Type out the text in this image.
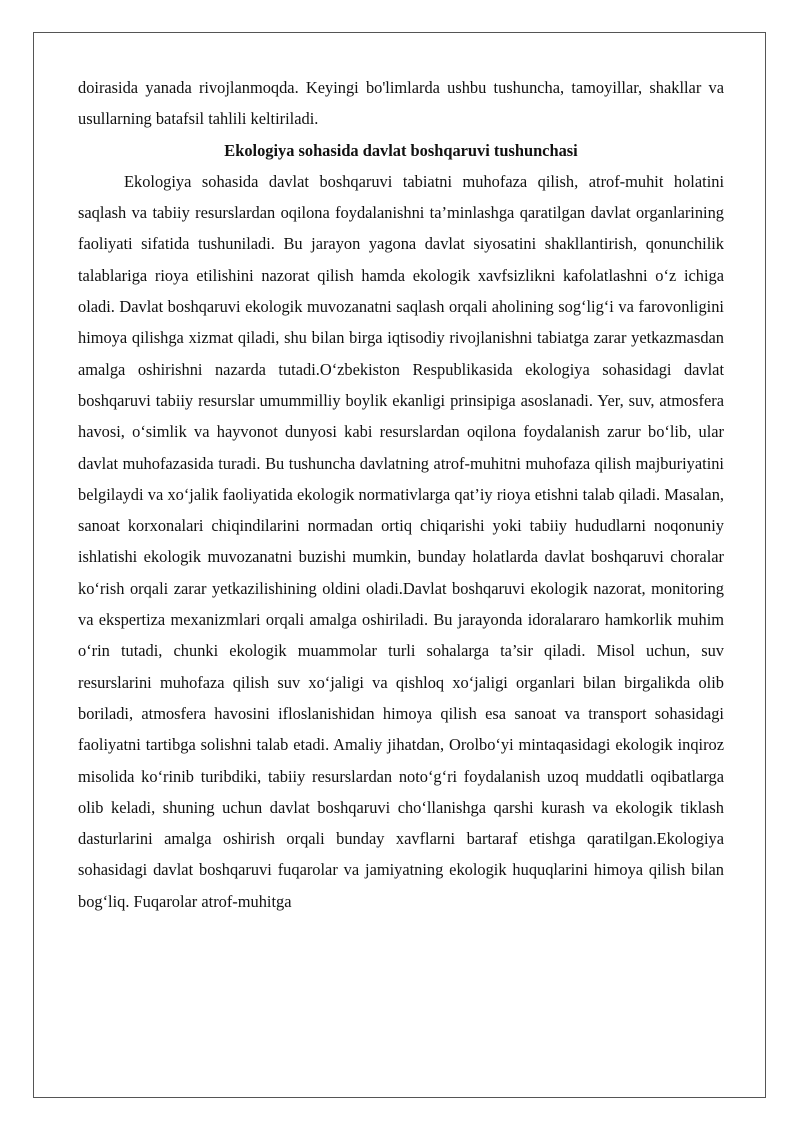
doirasida yanada rivojlanmoqda. Keyingi bo'limlarda ushbu tushuncha, tamoyillar, shakllar va usullarning batafsil tahlili keltiriladi.

Ekologiya sohasida davlat boshqaruvi tushunchasi

Ekologiya sohasida davlat boshqaruvi tabiatni muhofaza qilish, atrof-muhit holatini saqlash va tabiiy resurslardan oqilona foydalanishni ta’minlashga qaratilgan davlat organlarining faoliyati sifatida tushuniladi. Bu jarayon yagona davlat siyosatini shakllantirish, qonunchilik talablariga rioya etilishini nazorat qilish hamda ekologik xavfsizlikni kafolatlashni o‘z ichiga oladi. Davlat boshqaruvi ekologik muvozanatni saqlash orqali aholining sog‘lig‘i va farovonligini himoya qilishga xizmat qiladi, shu bilan birga iqtisodiy rivojlanishni tabiatga zarar yetkazmasdan amalga oshirishni nazarda tutadi.O‘zbekiston Respublikasida ekologiya sohasidagi davlat boshqaruvi tabiiy resurslar umummilliy boylik ekanligi prinsipiga asoslanadi. Yer, suv, atmosfera havosi, o‘simlik va hayvonot dunyosi kabi resurslardan oqilona foydalanish zarur bo‘lib, ular davlat muhofazasida turadi. Bu tushuncha davlatning atrof-muhitni muhofaza qilish majburiyatini belgilaydi va xo‘jalik faoliyatida ekologik normativlarga qat’iy rioya etishni talab qiladi. Masalan, sanoat korxonalari chiqindilarini normadan ortiq chiqarishi yoki tabiiy hududlarni noqonuniy ishlatishi ekologik muvozanatni buzishi mumkin, bunday holatlarda davlat boshqaruvi choralar ko‘rish orqali zarar yetkazilishining oldini oladi.Davlat boshqaruvi ekologik nazorat, monitoring va ekspertiza mexanizmlari orqali amalga oshiriladi. Bu jarayonda idoralararo hamkorlik muhim o‘rin tutadi, chunki ekologik muammolar turli sohalarga ta’sir qiladi. Misol uchun, suv resurslarini muhofaza qilish suv xo‘jaligi va qishloq xo‘jaligi organlari bilan birgalikda olib boriladi, atmosfera havosini ifloslanishidan himoya qilish esa sanoat va transport sohasidagi faoliyatni tartibga solishni talab etadi. Amaliy jihatdan, Orolbo‘yi mintaqasidagi ekologik inqiroz misolida ko‘rinib turibdiki, tabiiy resurslardan noto‘g‘ri foydalanish uzoq muddatli oqibatlarga olib keladi, shuning uchun davlat boshqaruvi cho‘llanishga qarshi kurash va ekologik tiklash dasturlarini amalga oshirish orqali bunday xavflarni bartaraf etishga qaratilgan.Ekologiya sohasidagi davlat boshqaruvi fuqarolar va jamiyatning ekologik huquqlarini himoya qilish bilan bog‘liq. Fuqarolar atrof-muhitga
